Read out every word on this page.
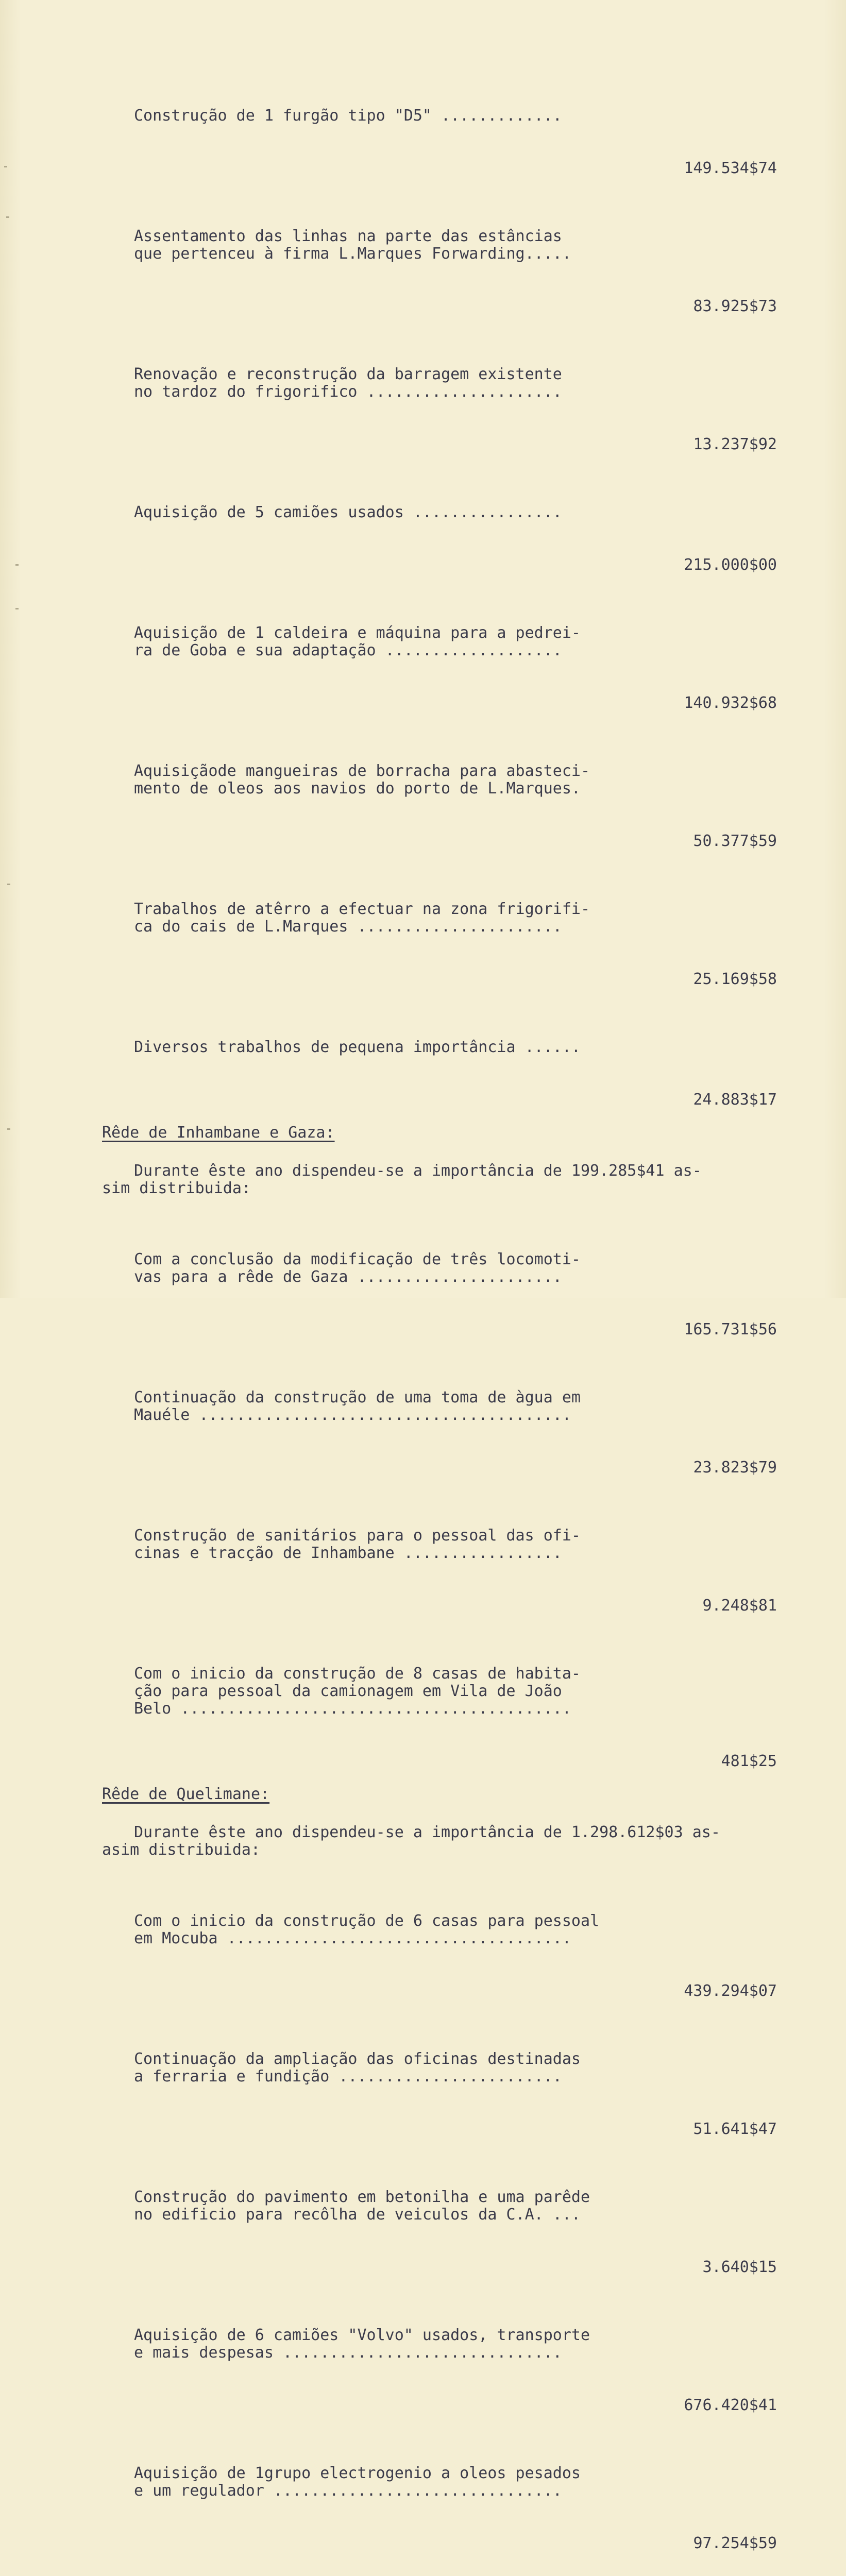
Construção de 1 furgão tipo "D5" .............

149.534$74

Assentamento das linhas na parte das estâncias
que pertenceu à firma L.Marques Forwarding.....

83.925$73

Renovação e reconstrução da barragem existente
no tardoz do frigorifico .....................

13.237$92

Aquisição de 5 camiões usados ................

215.000$00

Aquisição de 1 caldeira e máquina para a pedrei-
ra de Goba e sua adaptação ...................

140.932$68

Aquisiçãode mangueiras de borracha para abasteci-
mento de oleos aos navios do porto de L.Marques.

50.377$59

Trabalhos de atêrro a efectuar na zona frigorifi-
ca do cais de L.Marques ......................

25.169$58

Diversos trabalhos de pequena importância ......

24.883$17

Rêde de Inhambane e Gaza:
Durante êste ano dispendeu-se a importância de 199.285$41 as-
sim distribuida:

Com a conclusão da modificação de três locomoti-
vas para a rêde de Gaza ......................

165.731$56

Continuação da construção de uma toma de àgua em
Mauéle ........................................

23.823$79

Construção de sanitários para o pessoal das ofi-
cinas e tracção de Inhambane .................

9.248$81

Com o inicio da construção de 8 casas de habita-
ção para pessoal da camionagem em Vila de João
Belo ..........................................

481$25

Rêde de Quelimane:
Durante êste ano dispendeu-se a importância de 1.298.612$03 as-
asim distribuida:

Com o inicio da construção de 6 casas para pessoal
em Mocuba .....................................

439.294$07

Continuação da ampliação das oficinas destinadas
a ferraria e fundição ........................

51.641$47

Construção do pavimento em betonilha e uma parêde
no edificio para recôlha de veiculos da C.A. ...

3.640$15

Aquisição de 6 camiões "Volvo" usados, transporte
e mais despesas ..............................

676.420$41

Aquisição de 1grupo electrogenio a oleos pesados
e um regulador ...............................

97.254$59
